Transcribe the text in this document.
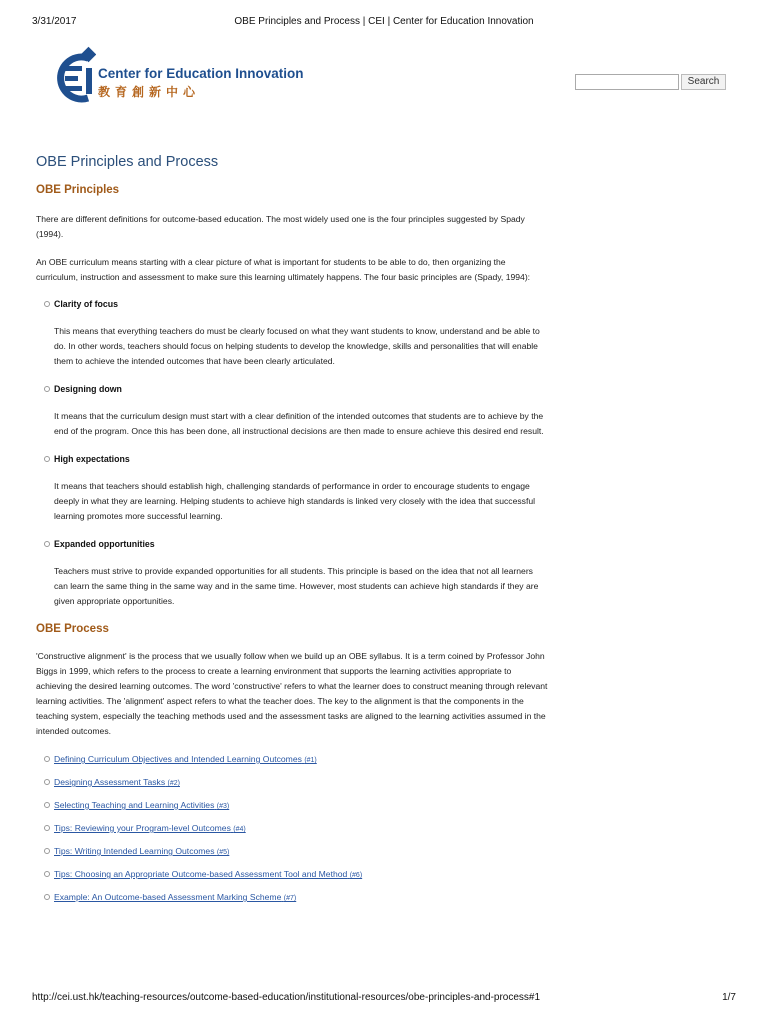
3/31/2017	OBE Principles and Process | CEI | Center for Education Innovation
Center for Education Innovation
教育創新中心
Search
OBE Principles and Process
OBE Principles

There are different definitions for outcome-based education. The most widely used one is the four principles suggested by Spady (1994).

An OBE curriculum means starting with a clear picture of what is important for students to be able to do, then organizing the curriculum, instruction and assessment to make sure this learning ultimately happens. The four basic principles are (Spady, 1994):

Clarity of focus

This means that everything teachers do must be clearly focused on what they want students to know, understand and be able to do. In other words, teachers should focus on helping students to develop the knowledge, skills and personalities that will enable them to achieve the intended outcomes that have been clearly articulated.

Designing down

It means that the curriculum design must start with a clear definition of the intended outcomes that students are to achieve by the end of the program. Once this has been done, all instructional decisions are then made to ensure achieve this desired end result.

High expectations

It means that teachers should establish high, challenging standards of performance in order to encourage students to engage deeply in what they are learning. Helping students to achieve high standards is linked very closely with the idea that successful learning promotes more successful learning.

Expanded opportunities

Teachers must strive to provide expanded opportunities for all students. This principle is based on the idea that not all learners can learn the same thing in the same way and in the same time. However, most students can achieve high standards if they are given appropriate opportunities.

OBE Process

'Constructive alignment' is the process that we usually follow when we build up an OBE syllabus. It is a term coined by Professor John Biggs in 1999, which refers to the process to create a learning environment that supports the learning activities appropriate to achieving the desired learning outcomes. The word 'constructive' refers to what the learner does to construct meaning through relevant learning activities. The 'alignment' aspect refers to what the teacher does. The key to the alignment is that the components in the teaching system, especially the teaching methods used and the assessment tasks are aligned to the learning activities assumed in the intended outcomes.

Defining Curriculum Objectives and Intended Learning Outcomes (#1)
Designing Assessment Tasks (#2)
Selecting Teaching and Learning Activities (#3)
Tips: Reviewing your Program-level Outcomes (#4)
Tips: Writing Intended Learning Outcomes (#5)
Tips: Choosing an Appropriate Outcome-based Assessment Tool and Method (#6)
Example: An Outcome-based Assessment Marking Scheme (#7)
http://cei.ust.hk/teaching-resources/outcome-based-education/institutional-resources/obe-principles-and-process#1	1/7
